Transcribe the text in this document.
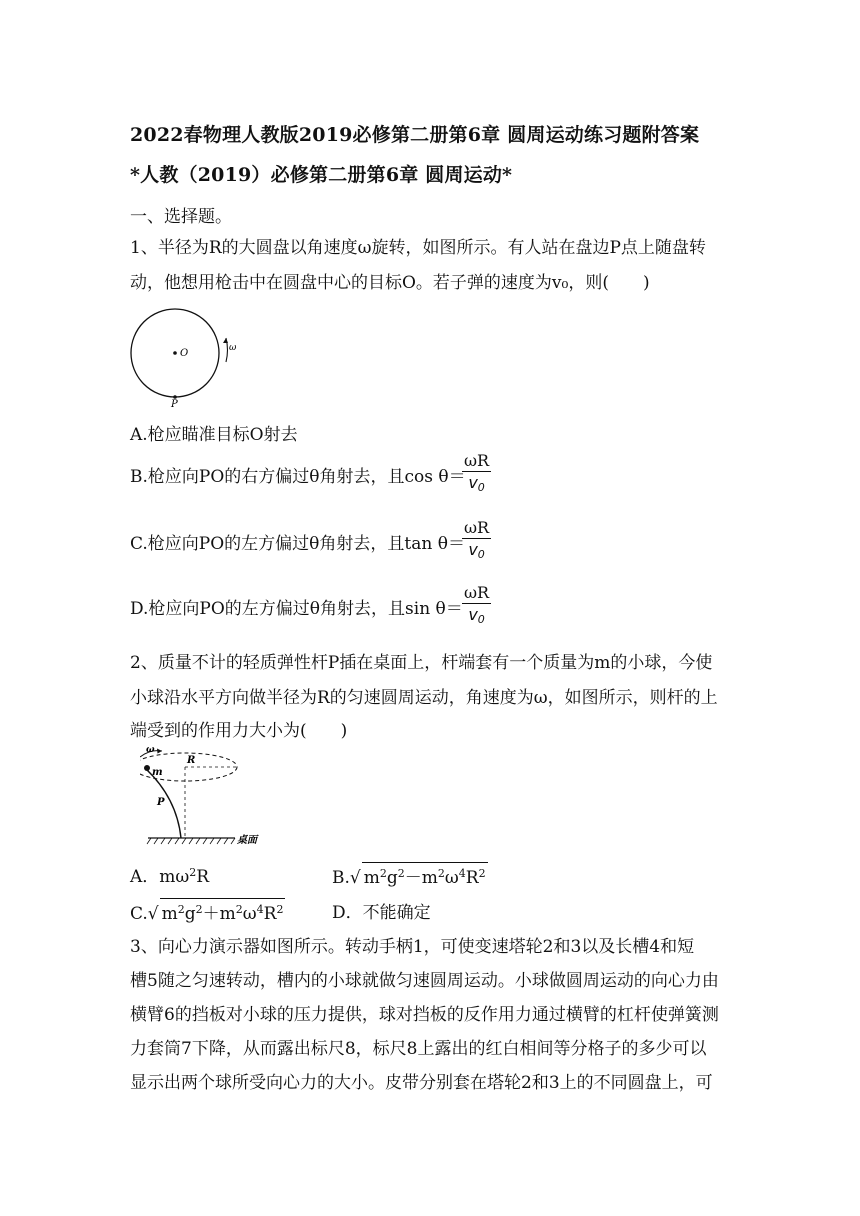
2022春物理人教版2019必修第二册第6章 圆周运动练习题附答案
*人教（2019）必修第二册第6章 圆周运动*
一、选择题。
1、半径为R的大圆盘以角速度ω旋转，如图所示。有人站在盘边P点上随盘转
动，他想用枪击中在圆盘中心的目标O。若子弹的速度为v₀，则(　　)
O
P
ω
A.枪应瞄准目标O射去
B.枪应向PO的右方偏过θ角射去，且cos θ＝
$\frac{\omega R}{v_0}$
C.枪应向PO的左方偏过θ角射去，且tan θ＝
$\frac{\omega R}{v_0}$
D.枪应向PO的左方偏过θ角射去，且$\sin \theta= \frac{\omega R}{v_0}$
2、质量不计的轻质弹性杆P插在桌面上，杆端套有一个质量为m的小球，今使
小球沿水平方向做半径为R的匀速圆周运动，角速度为ω，如图所示，则杆的上
端受到的作用力大小为(　　)
R
m
P
ω
桌面
A．$m\omega^2R$	B.√ $m^2g^2-m^2\omega^4R^2$
C.√ $m^2g^2+m^2\omega^4R^2$	D．不能确定
3、向心力演示器如图所示。转动手柄1，可使变速塔轮2和3以及长槽4和短
槽5随之匀速转动，槽内的小球就做匀速圆周运动。小球做圆周运动的向心力由
横臂6的挡板对小球的压力提供，球对挡板的反作用力通过横臂的杠杆使弹簧测
力套筒7下降，从而露出标尺8，标尺8上露出的红白相间等分格子的多少可以
显示出两个球所受向心力的大小。皮带分别套在塔轮2和3上的不同圆盘上，可
